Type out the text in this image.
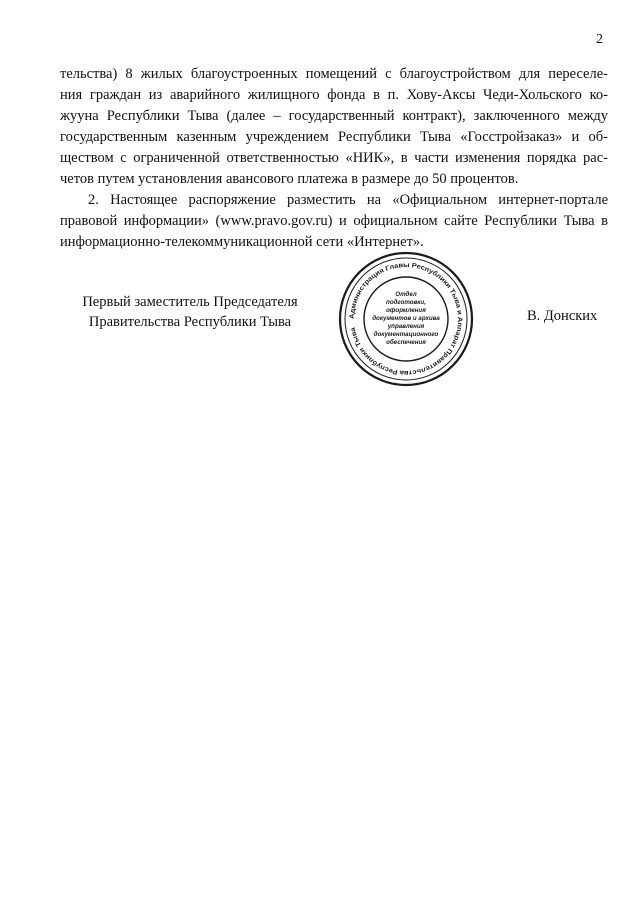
2
тельства) 8 жилых благоустроенных помещений с благоустройством для переселе-
ния граждан из аварийного жилищного фонда в п. Хову-Аксы Чеди-Хольского ко-
жууна Республики Тыва (далее – государственный контракт), заключенного между
государственным казенным учреждением Республики Тыва «Госстройзаказ» и об-
ществом с ограниченной ответственностью «НИК», в части изменения порядка рас-
четов путем установления авансового платежа в размере до 50 процентов.
2. Настоящее распоряжение разместить на «Официальном интернет-портале
правовой информации» (www.pravo.gov.ru) и официальном сайте Республики Тыва в
информационно-телекоммуникационной сети «Интернет».
Первый заместитель Председателя
Правительства Республики Тыва	В. Донских
Администрация Главы Республики Тыва и Аппарат Правительства Республики Тыва
Отдел
подготовки,
оформления
документов и архива
управления
документационного
обеспечения
